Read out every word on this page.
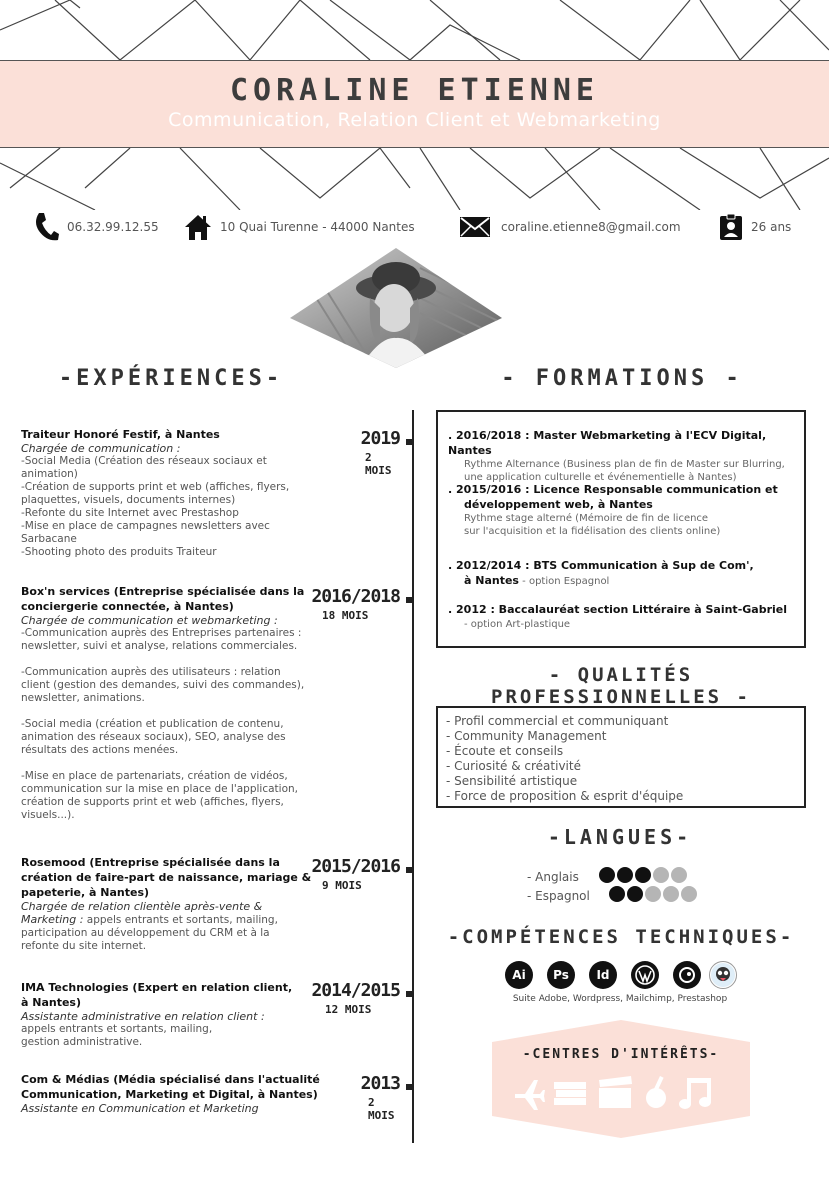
CORALINE ETIENNE
Communication, Relation Client et Webmarketing
06.32.99.12.55	10 Quai Turenne - 44000 Nantes	coraline.etienne8@gmail.com	26 ans
-EXPÉRIENCES-	- FORMATIONS -
Traiteur Honoré Festif, à Nantes
Chargée de communication :
-Social Media (Création des réseaux sociaux et
animation)
-Création de supports print et web (affiches, flyers,
plaquettes, visuels, documents internes)
-Refonte du site Internet avec Prestashop
-Mise en place de campagnes newsletters avec
Sarbacane
-Shooting photo des produits Traiteur
2019
2 MOIS
Box'n services (Entreprise spécialisée dans la
conciergerie connectée, à Nantes)
Chargée de communication et webmarketing :
-Communication auprès des Entreprises partenaires :
newsletter, suivi et analyse, relations commerciales.
-Communication auprès des utilisateurs : relation
client (gestion des demandes, suivi des commandes),
newsletter, animations.
-Social media (création et publication de contenu,
animation des réseaux sociaux), SEO, analyse des
résultats des actions menées.
-Mise en place de partenariats, création de vidéos,
communication sur la mise en place de l'application,
création de supports print et web (affiches, flyers,
visuels...).
2016/2018
18 MOIS
Rosemood (Entreprise spécialisée dans la
création de faire-part de naissance, mariage &
papeterie, à Nantes)
Chargée de relation clientèle après-vente &
Marketing : appels entrants et sortants, mailing,
participation au développement du CRM et à la
refonte du site internet.
2015/2016
9 MOIS
IMA Technologies (Expert en relation client,
à Nantes)
Assistante administrative en relation client :
appels entrants et sortants, mailing,
gestion administrative.
2014/2015
12 MOIS
Com & Médias (Média spécialisé dans l'actualité
Communication, Marketing et Digital, à Nantes)
Assistante en Communication et Marketing
2013
2 MOIS
. 2016/2018 : Master Webmarketing à l'ECV Digital, Nantes
Rythme Alternance (Business plan de fin de Master sur Blurring,
une application culturelle et événementielle à Nantes)
. 2015/2016 : Licence Responsable communication et
développement web, à Nantes
Rythme stage alterné (Mémoire de fin de licence
sur l'acquisition et la fidélisation des clients online)
. 2012/2014 : BTS Communication à Sup de Com',
à Nantes - option Espagnol
. 2012 : Baccalauréat section Littéraire à Saint-Gabriel
- option Art-plastique
- QUALITÉS PROFESSIONNELLES -
- Profil commercial et communiquant
- Community Management
- Écoute et conseils
- Curiosité & créativité
- Sensibilité artistique
- Force de proposition & esprit d'équipe
-LANGUES-
- Anglais
- Espagnol
-COMPÉTENCES TECHNIQUES-
Ai	Ps	Id
Suite Adobe, Wordpress, Mailchimp, Prestashop
-CENTRES D'INTÉRÊTS-
